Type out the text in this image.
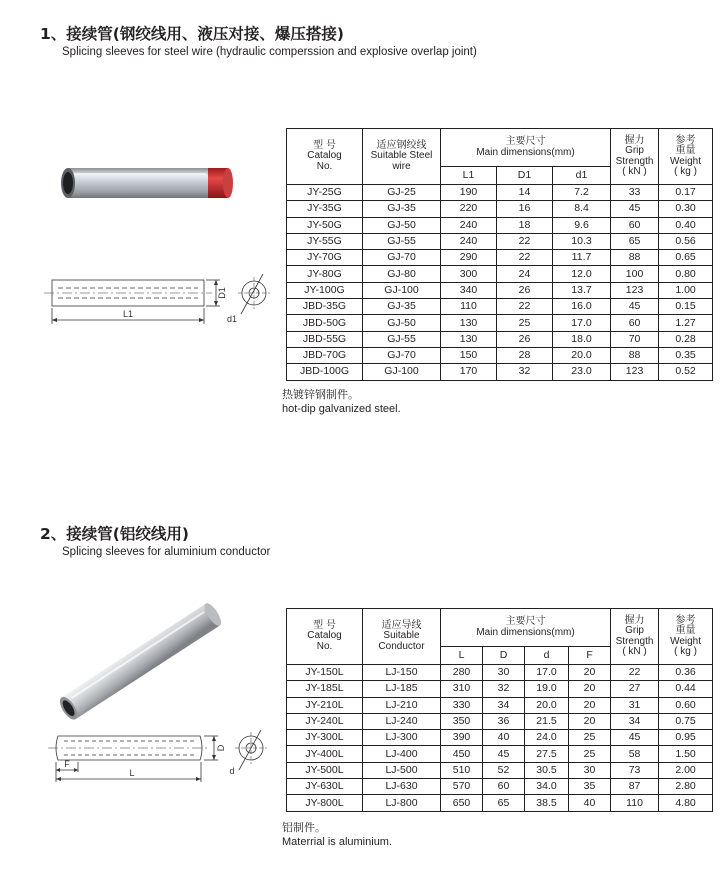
1、接续管(钢绞线用、液压对接、爆压搭接)
Splicing sleeves for steel wire (hydraulic comperssion and explosive overlap joint)
L1
D1
d1
型 号
Catalog
No.	适应钢绞线
Suitable Steel
wire	主要尺寸
Main dimensions(mm)			握力
Grip
Strength
( kN )	参考
重量
Weight
( kg )
		L1	D1	d1		
JY-25G	GJ-25	190	14	7.2	33	0.17
JY-35G	GJ-35	220	16	8.4	45	0.30
JY-50G	GJ-50	240	18	9.6	60	0.40
JY-55G	GJ-55	240	22	10.3	65	0.56
JY-70G	GJ-70	290	22	11.7	88	0.65
JY-80G	GJ-80	300	24	12.0	100	0.80
JY-100G	GJ-100	340	26	13.7	123	1.00
JBD-35G	GJ-35	110	22	16.0	45	0.15
JBD-50G	GJ-50	130	25	17.0	60	1.27
JBD-55G	GJ-55	130	26	18.0	70	0.28
JBD-70G	GJ-70	150	28	20.0	88	0.35
JBD-100G	GJ-100	170	32	23.0	123	0.52
热镀锌钢制件。
hot-dip galvanized steel.
2、接续管(铝绞线用)
Splicing sleeves for aluminium conductor
F
L
D
d
型 号
Catalog
No.	适应导线
Suitable
Conductor	主要尺寸
Main dimensions(mm)				握力
Grip
Strength
( kN )	参考
重量
Weight
( kg )
		L	D	d	F		
JY-150L	LJ-150	280	30	17.0	20	22	0.36
JY-185L	LJ-185	310	32	19.0	20	27	0.44
JY-210L	LJ-210	330	34	20.0	20	31	0.60
JY-240L	LJ-240	350	36	21.5	20	34	0.75
JY-300L	LJ-300	390	40	24.0	25	45	0.95
JY-400L	LJ-400	450	45	27.5	25	58	1.50
JY-500L	LJ-500	510	52	30.5	30	73	2.00
JY-630L	LJ-630	570	60	34.0	35	87	2.80
JY-800L	LJ-800	650	65	38.5	40	110	4.80
铝制件。
Materrial is aluminium.
